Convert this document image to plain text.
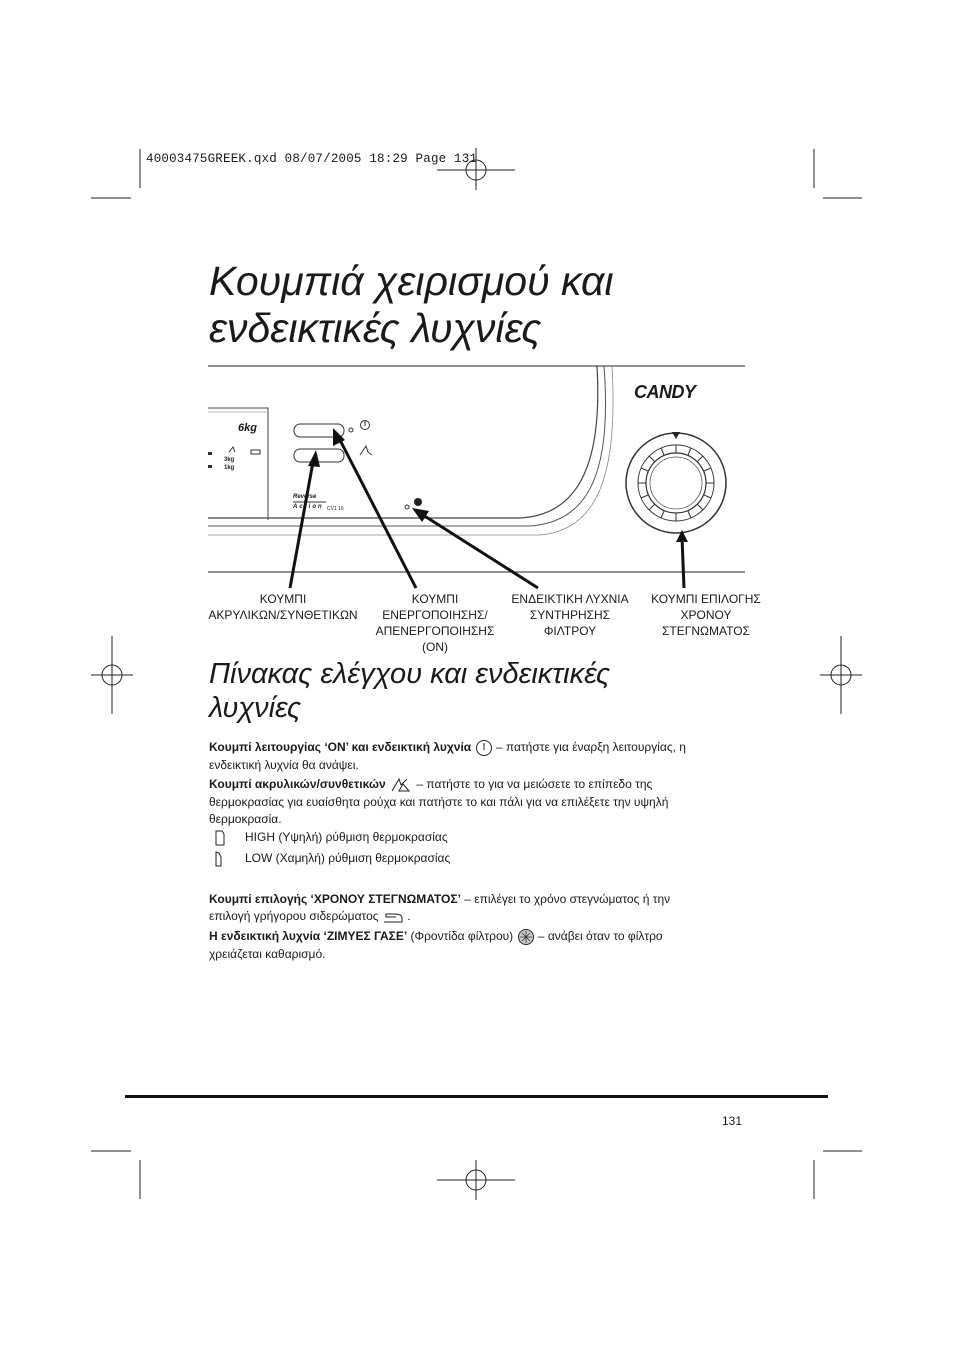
40003475GREEK.qxd 08/07/2005 18:29 Page 131
Κουμπιά χειρισμού και
ενδεικτικές λυχνίες
CANDY
6kg
3kg
1kg
Reverse
Action CV1 16
ΚΟΥΜΠΙ
ΑΚΡΥΛΙΚΩΝ/ΣΥΝΘΕΤΙΚΩΝ
ΚΟΥΜΠΙ
ΕΝΕΡΓΟΠΟΙΗΣΗΣ/
ΑΠΕΝΕΡΓΟΠΟΙΗΣΗΣ
(ON)
ΕΝΔΕΙΚΤΙΚΗ ΛΥΧΝΙΑ
ΣΥΝΤΗΡΗΣΗΣ
ΦΙΛΤΡΟΥ
ΚΟΥΜΠΙ ΕΠΙΛΟΓΗΣ
ΧΡΟΝΟΥ
ΣΤΕΓΝΩΜΑΤΟΣ
Πίνακας ελέγχου και ενδεικτικές
λυχνίες
Κουμπί λειτουργίας ‘ON’ και ενδεικτική λυχνία  – πατήστε για έναρξη λειτουργίας, η
ενδεικτική λυχνία θα ανάψει.
Κουμπί ακρυλικών/συνθετικών  – πατήστε το για να μειώσετε το επίπεδο της
θερμοκρασίας για ευαίσθητα ρούχα και πατήστε το και πάλι για να επιλέξετε την υψηλή
θερμοκρασία.
HIGH (Υψηλή) ρύθμιση θερμοκρασίας
LOW (Χαμηλή) ρύθμιση θερμοκρασίας
Κουμπί επιλογής ‘ΧΡΟΝΟΥ ΣΤΕΓΝΩΜΑΤΟΣ’ – επιλέγει το χρόνο στεγνώματος ή την
επιλογή γρήγορου σιδερώματος  .
Η ενδεικτική λυχνία ‘ΖΙΜΥΕΣ ΓΑΣΕ’ (Φροντίδα φίλτρου)  – ανάβει όταν το φίλτρο
χρειάζεται καθαρισμό.
131
